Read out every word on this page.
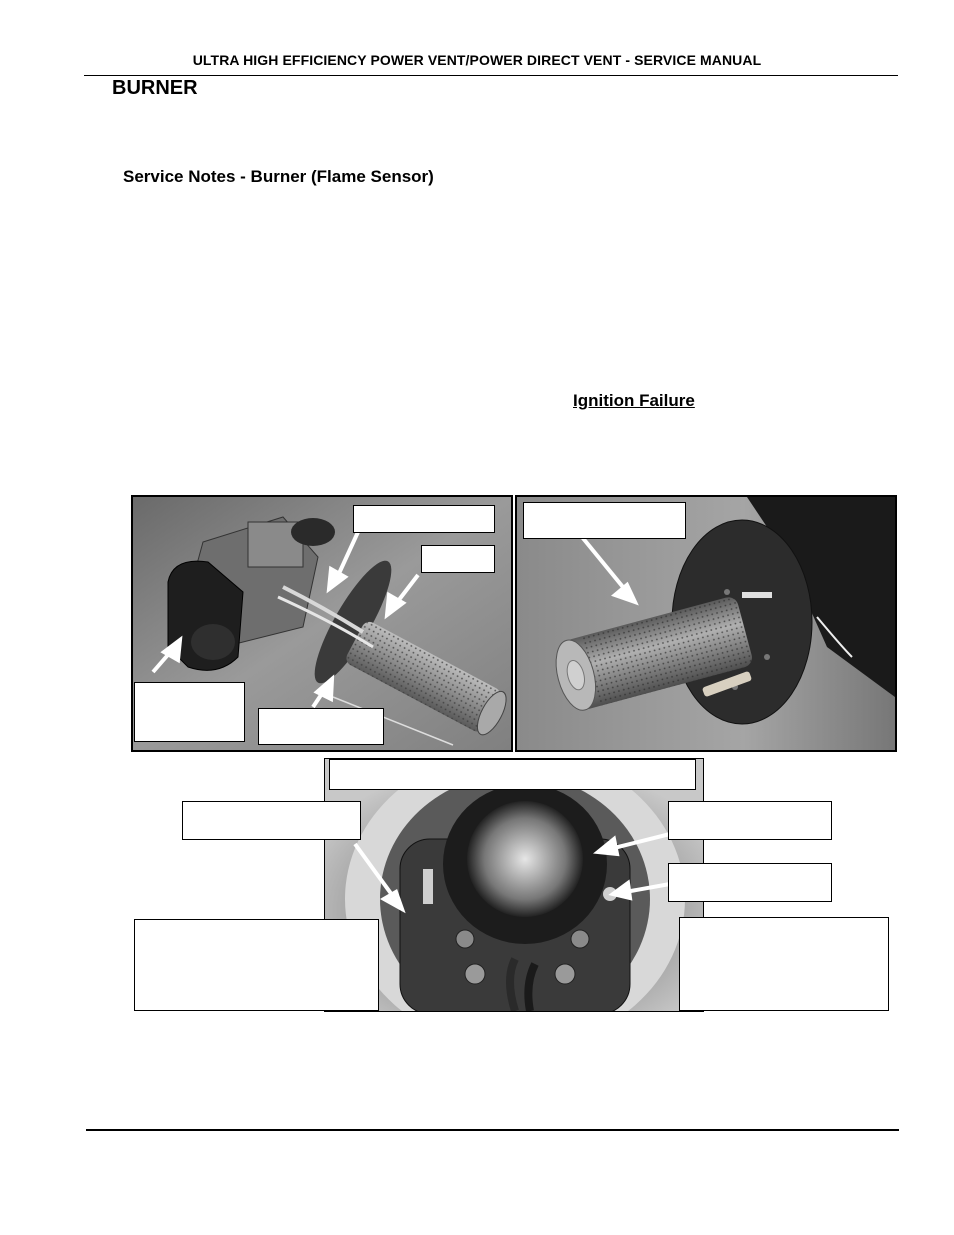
ULTRA HIGH EFFICIENCY POWER VENT/POWER DIRECT VENT - SERVICE MANUAL
BURNER
Service Notes - Burner (Flame Sensor)
Ignition Failure
